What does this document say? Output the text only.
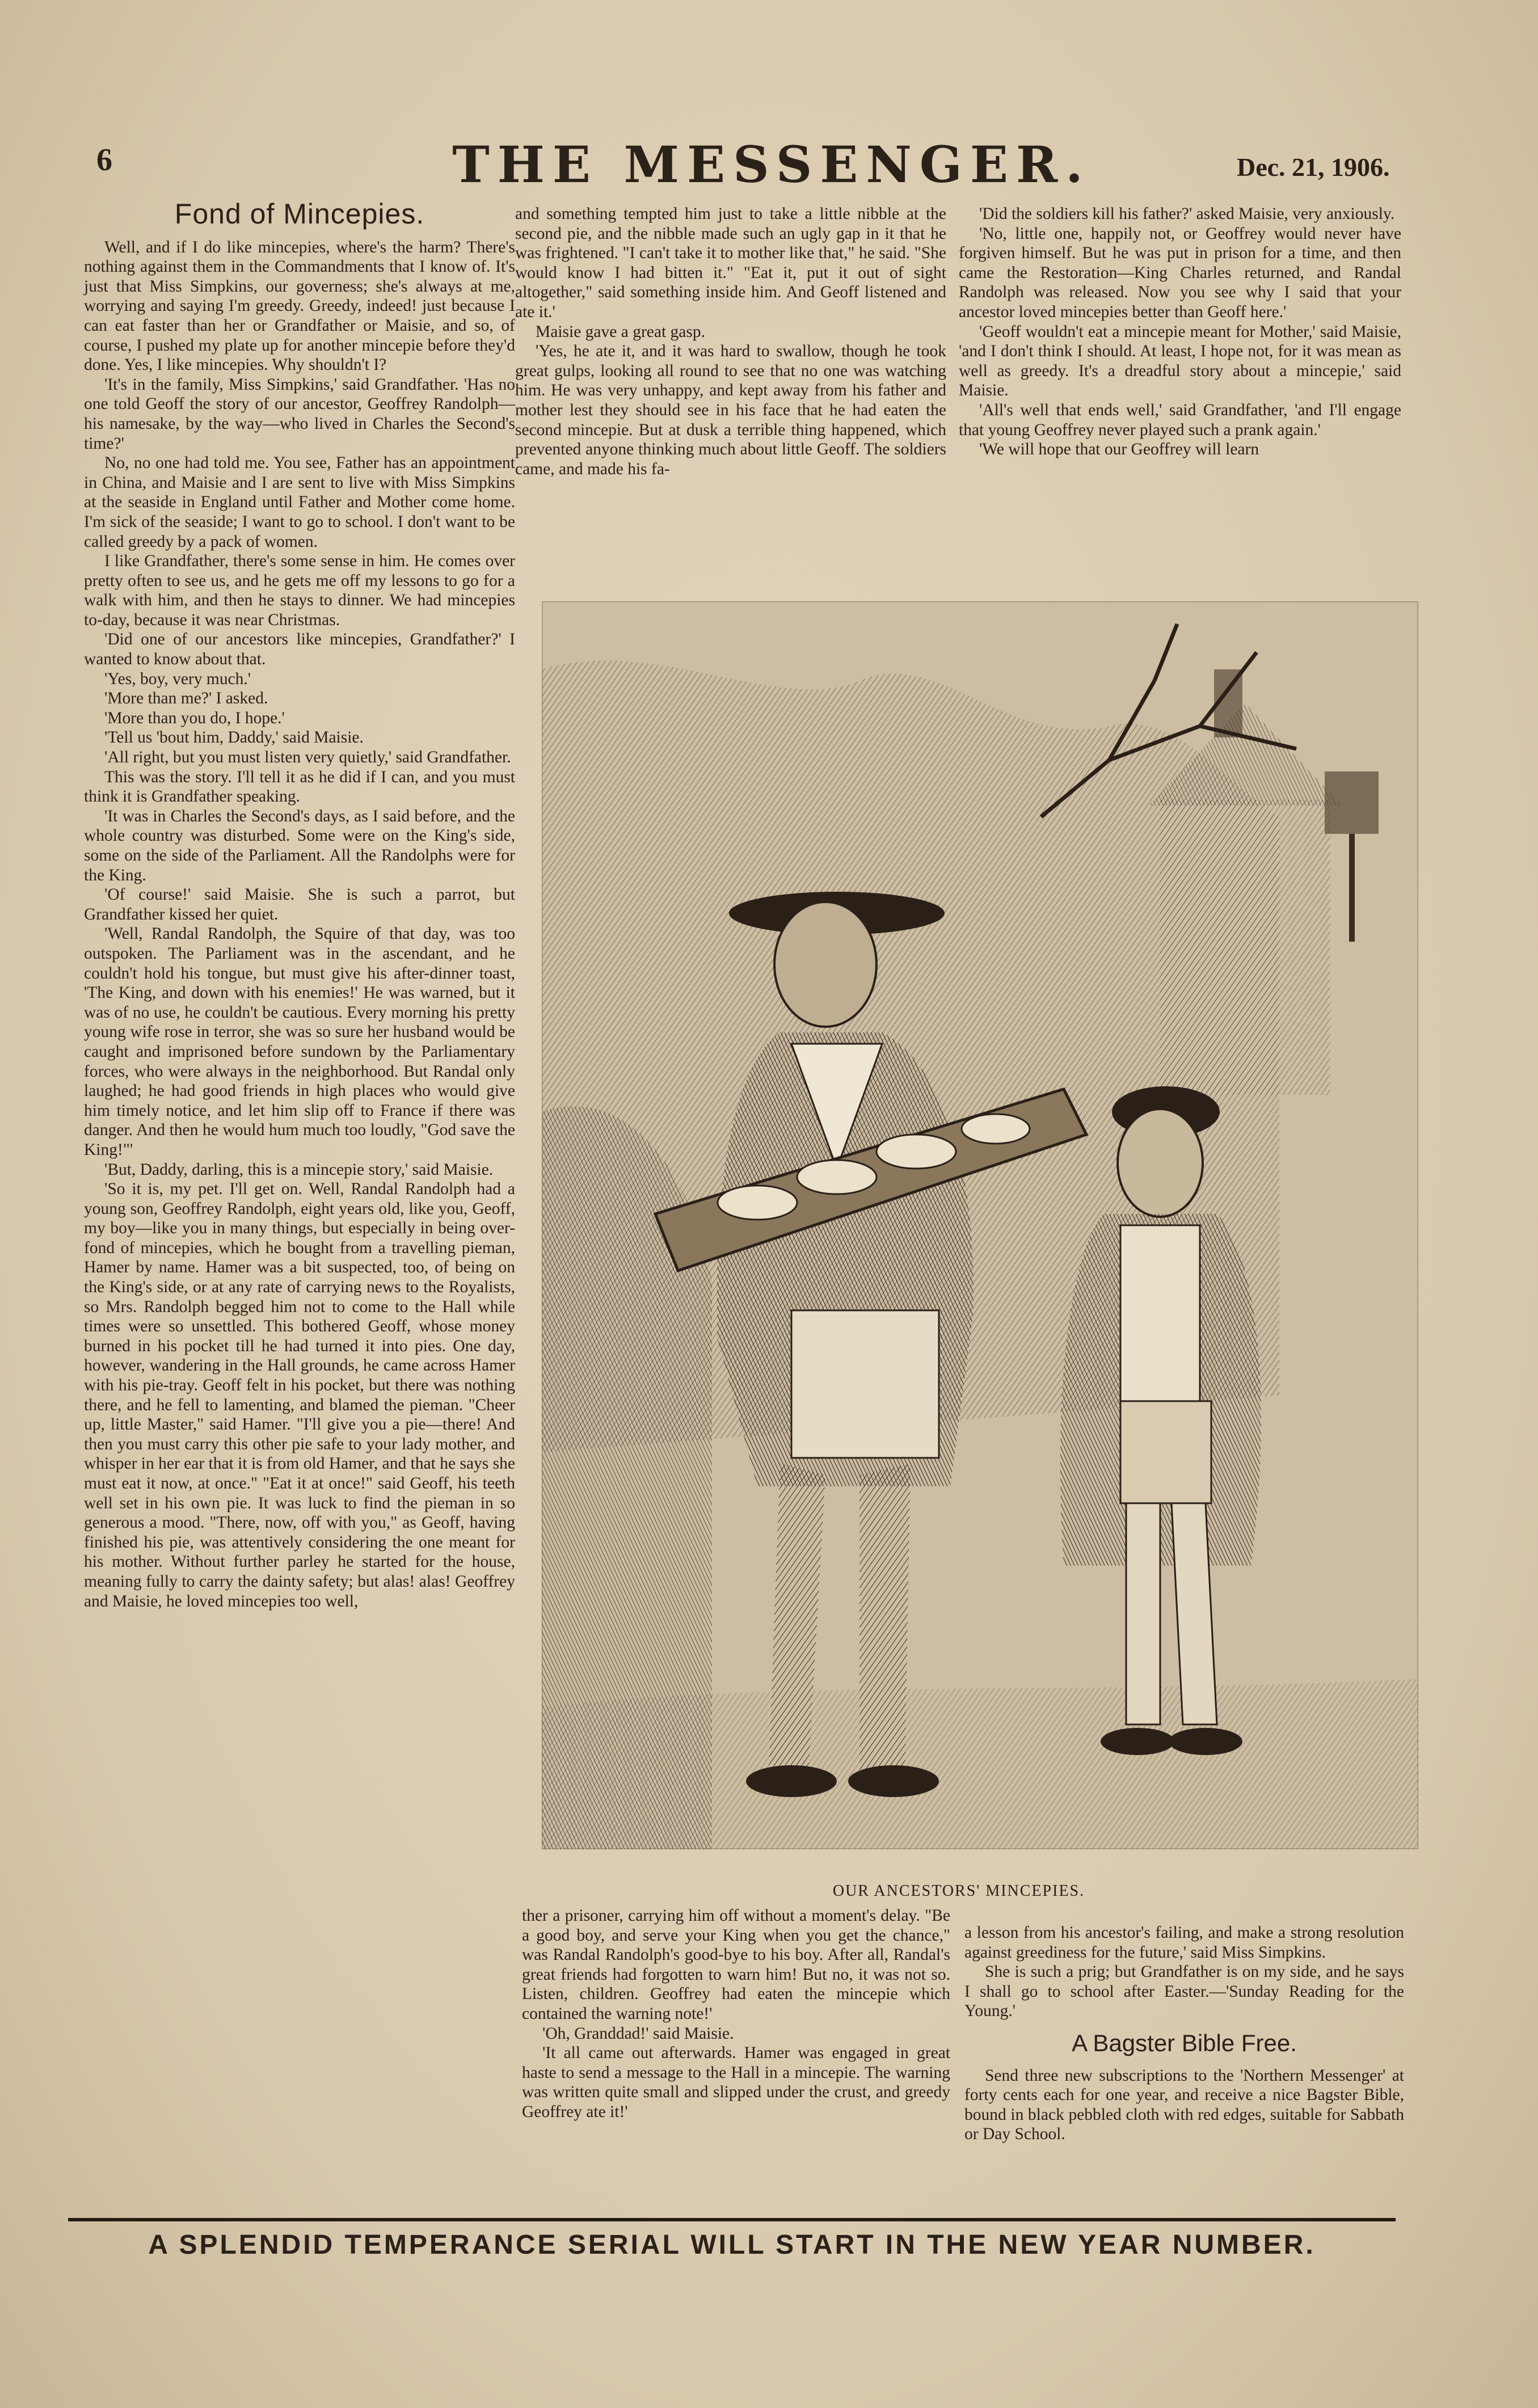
6	THE MESSENGER.	Dec. 21, 1906.
Fond of Mincepies.

Well, and if I do like mincepies, where's the harm? There's nothing against them in the Commandments that I know of. It's just that Miss Simpkins, our governess; she's always at me, worrying and saying I'm greedy. Greedy, indeed! just because I can eat faster than her or Grandfather or Maisie, and so, of course, I pushed my plate up for another mincepie before they'd done. Yes, I like mincepies. Why shouldn't I?

'It's in the family, Miss Simpkins,' said Grandfather. 'Has no one told Geoff the story of our ancestor, Geoffrey Randolph—his namesake, by the way—who lived in Charles the Second's time?'

No, no one had told me. You see, Father has an appointment in China, and Maisie and I are sent to live with Miss Simpkins at the seaside in England until Father and Mother come home. I'm sick of the seaside; I want to go to school. I don't want to be called greedy by a pack of women.

I like Grandfather, there's some sense in him. He comes over pretty often to see us, and he gets me off my lessons to go for a walk with him, and then he stays to dinner. We had mincepies to-day, because it was near Christmas.

'Did one of our ancestors like mincepies, Grandfather?' I wanted to know about that.

'Yes, boy, very much.'

'More than me?' I asked.

'More than you do, I hope.'

'Tell us 'bout him, Daddy,' said Maisie.

'All right, but you must listen very quietly,' said Grandfather.

This was the story. I'll tell it as he did if I can, and you must think it is Grandfather speaking.

'It was in Charles the Second's days, as I said before, and the whole country was disturbed. Some were on the King's side, some on the side of the Parliament. All the Randolphs were for the King.

'Of course!' said Maisie. She is such a parrot, but Grandfather kissed her quiet.

'Well, Randal Randolph, the Squire of that day, was too outspoken. The Parliament was in the ascendant, and he couldn't hold his tongue, but must give his after-dinner toast, 'The King, and down with his enemies!' He was warned, but it was of no use, he couldn't be cautious. Every morning his pretty young wife rose in terror, she was so sure her husband would be caught and imprisoned before sundown by the Parliamentary forces, who were always in the neighborhood. But Randal only laughed; he had good friends in high places who would give him timely notice, and let him slip off to France if there was danger. And then he would hum much too loudly, "God save the King!"'

'But, Daddy, darling, this is a mincepie story,' said Maisie.

'So it is, my pet. I'll get on. Well, Randal Randolph had a young son, Geoffrey Randolph, eight years old, like you, Geoff, my boy—like you in many things, but especially in being over-fond of mincepies, which he bought from a travelling pieman, Hamer by name. Hamer was a bit suspected, too, of being on the King's side, or at any rate of carrying news to the Royalists, so Mrs. Randolph begged him not to come to the Hall while times were so unsettled. This bothered Geoff, whose money burned in his pocket till he had turned it into pies. One day, however, wandering in the Hall grounds, he came across Hamer with his pie-tray. Geoff felt in his pocket, but there was nothing there, and he fell to lamenting, and blamed the pieman. "Cheer up, little Master," said Hamer. "I'll give you a pie—there! And then you must carry this other pie safe to your lady mother, and whisper in her ear that it is from old Hamer, and that he says she must eat it now, at once." "Eat it at once!" said Geoff, his teeth well set in his own pie. It was luck to find the pieman in so generous a mood. "There, now, off with you," as Geoff, having finished his pie, was attentively considering the one meant for his mother. Without further parley he started for the house, meaning fully to carry the dainty safety; but alas! alas! Geoffrey and Maisie, he loved mincepies too well,

and something tempted him just to take a little nibble at the second pie, and the nibble made such an ugly gap in it that he was frightened. "I can't take it to mother like that," he said. "She would know I had bitten it." "Eat it, put it out of sight altogether," said something inside him. And Geoff listened and ate it.'

Maisie gave a great gasp.

'Yes, he ate it, and it was hard to swallow, though he took great gulps, looking all round to see that no one was watching him. He was very unhappy, and kept away from his father and mother lest they should see in his face that he had eaten the second mincepie. But at dusk a terrible thing happened, which prevented anyone thinking much about little Geoff. The soldiers came, and made his fa-

'Did the soldiers kill his father?' asked Maisie, very anxiously.

'No, little one, happily not, or Geoffrey would never have forgiven himself. But he was put in prison for a time, and then came the Restoration—King Charles returned, and Randal Randolph was released. Now you see why I said that your ancestor loved mincepies better than Geoff here.'

'Geoff wouldn't eat a mincepie meant for Mother,' said Maisie, 'and I don't think I should. At least, I hope not, for it was mean as well as greedy. It's a dreadful story about a mincepie,' said Maisie.

'All's well that ends well,' said Grandfather, 'and I'll engage that young Geoffrey never played such a prank again.'

'We will hope that our Geoffrey will learn

OUR ANCESTORS' MINCEPIES.

ther a prisoner, carrying him off without a moment's delay. "Be a good boy, and serve your King when you get the chance," was Randal Randolph's good-bye to his boy. After all, Randal's great friends had forgotten to warn him! But no, it was not so. Listen, children. Geoffrey had eaten the mincepie which contained the warning note!'

'Oh, Granddad!' said Maisie.

'It all came out afterwards. Hamer was engaged in great haste to send a message to the Hall in a mincepie. The warning was written quite small and slipped under the crust, and greedy Geoffrey ate it!'

a lesson from his ancestor's failing, and make a strong resolution against greediness for the future,' said Miss Simpkins.

She is such a prig; but Grandfather is on my side, and he says I shall go to school after Easter.—'Sunday Reading for the Young.'

A Bagster Bible Free.

Send three new subscriptions to the 'Northern Messenger' at forty cents each for one year, and receive a nice Bagster Bible, bound in black pebbled cloth with red edges, suitable for Sabbath or Day School.

A SPLENDID TEMPERANCE SERIAL WILL START IN THE NEW YEAR NUMBER.
